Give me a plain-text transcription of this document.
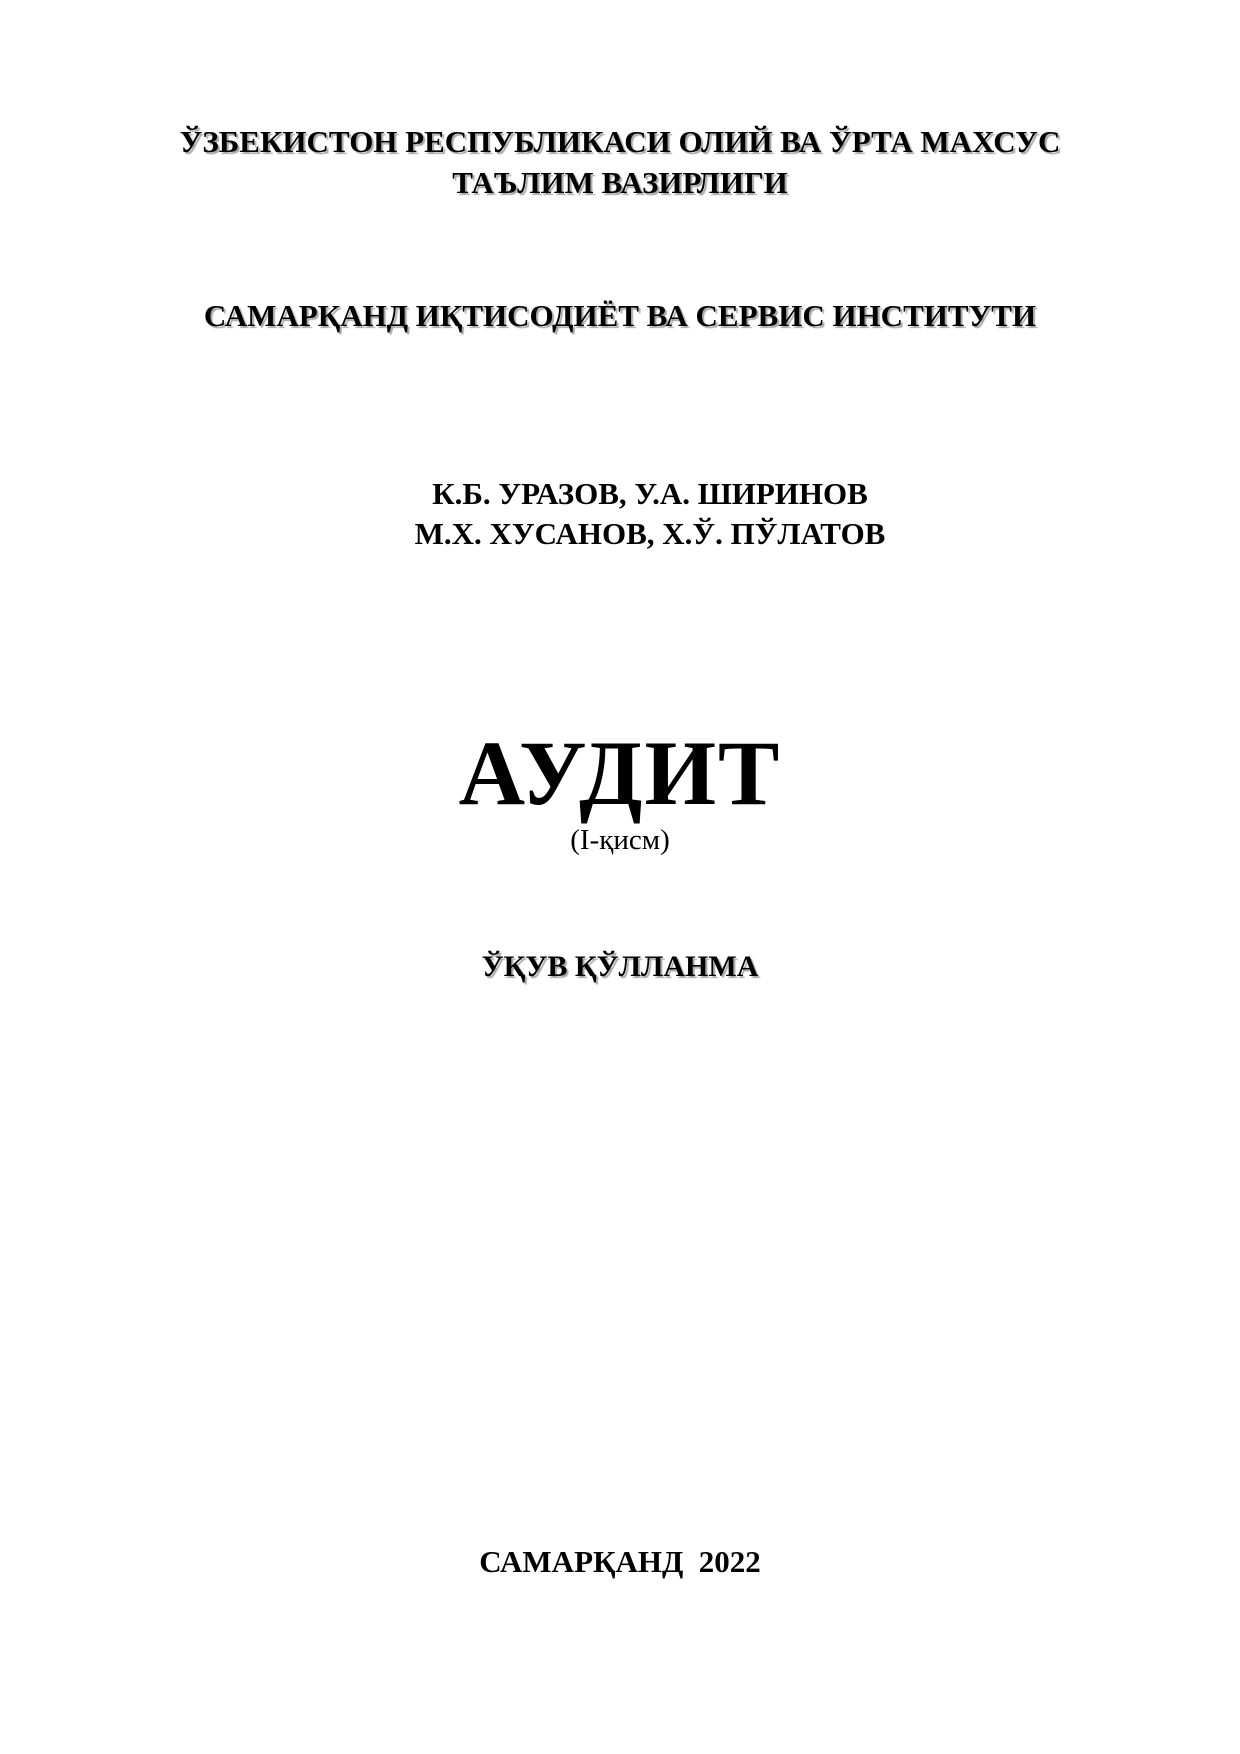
ЎЗБЕКИСТОН РЕСПУБЛИКАСИ ОЛИЙ ВА ЎРТА МАХСУС
ТАЪЛИМ ВАЗИРЛИГИ
САМАРҚАНД ИҚТИСОДИЁТ ВА СЕРВИС ИНСТИТУТИ
К.Б. УРАЗОВ, У.А. ШИРИНОВ
М.Х. ХУСАНОВ, Х.Ў. ПЎЛАТОВ
АУДИТ
(I-қисм)
ЎҚУВ ҚЎЛЛАНМА
САМАРҚАНД  2022
